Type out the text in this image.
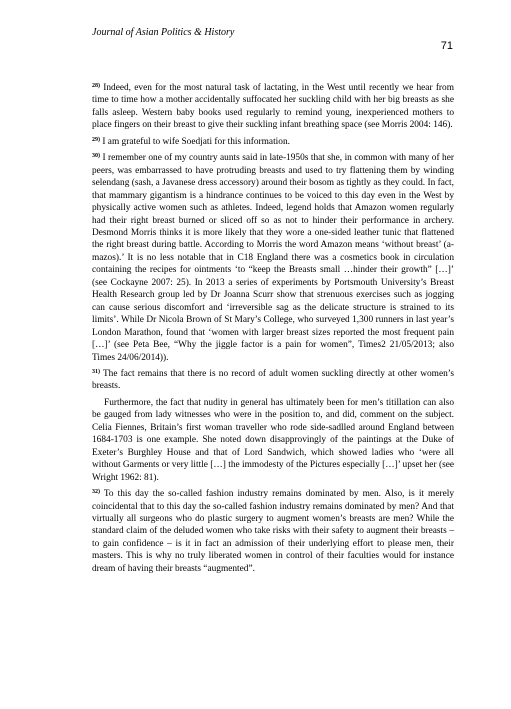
Journal of Asian Politics & History
71
$^{28)}$ Indeed, even for the most natural task of lactating, in the West until recently we hear from time to time how a mother accidentally suffocated her suckling child with her big breasts as she falls asleep. Western baby books used regularly to remind young, inexperienced mothers to place fingers on their breast to give their suckling infant breathing space (see Morris 2004: 146).
$^{29)}$ I am grateful to wife Soedjati for this information.
$^{30)}$ I remember one of my country aunts said in late-1950s that she, in common with many of her peers, was embarrassed to have protruding breasts and used to try flattening them by winding selendang (sash, a Javanese dress accessory) around their bosom as tightly as they could. In fact, that mammary gigantism is a hindrance continues to be voiced to this day even in the West by physically active women such as athletes. Indeed, legend holds that Amazon women regularly had their right breast burned or sliced off so as not to hinder their performance in archery. Desmond Morris thinks it is more likely that they wore a one-sided leather tunic that flattened the right breast during battle. According to Morris the word Amazon means ‘without breast’ (a-mazos).’ It is no less notable that in C18 England there was a cosmetics book in circulation containing the recipes for ointments ‘to “keep the Breasts small …hinder their growth” […]’ (see Cockayne 2007: 25). In 2013 a series of experiments by Portsmouth University’s Breast Health Research group led by Dr Joanna Scurr show that strenuous exercises such as jogging can cause serious discomfort and ‘irreversible sag as the delicate structure is strained to its limits’. While Dr Nicola Brown of St Mary’s College, who surveyed 1,300 runners in last year’s London Marathon, found that ‘women with larger breast sizes reported the most frequent pain […]’ (see Peta Bee, “Why the jiggle factor is a pain for women”, Times2 21/05/2013; also Times 24/06/2014)).
$^{31)}$ The fact remains that there is no record of adult women suckling directly at other women’s breasts.
Furthermore, the fact that nudity in general has ultimately been for men’s titillation can also be gauged from lady witnesses who were in the position to, and did, comment on the subject. Celia Fiennes, Britain’s first woman traveller who rode side-sadlled around England between 1684-1703 is one example. She noted down disapprovingly of the paintings at the Duke of Exeter’s Burghley House and that of Lord Sandwich, which showed ladies who ‘were all without Garments or very little […] the immodesty of the Pictures especially […]’ upset her (see Wright 1962: 81).
$^{32)}$ To this day the so-called fashion industry remains dominated by men. Also, is it merely coincidental that to this day the so-called fashion industry remains dominated by men? And that virtually all surgeons who do plastic surgery to augment women’s breasts are men? While the standard claim of the deluded women who take risks with their safety to augment their breasts – to gain confidence – is it in fact an admission of their underlying effort to please men, their masters. This is why no truly liberated women in control of their faculties would for instance dream of having their breasts “augmented”.
